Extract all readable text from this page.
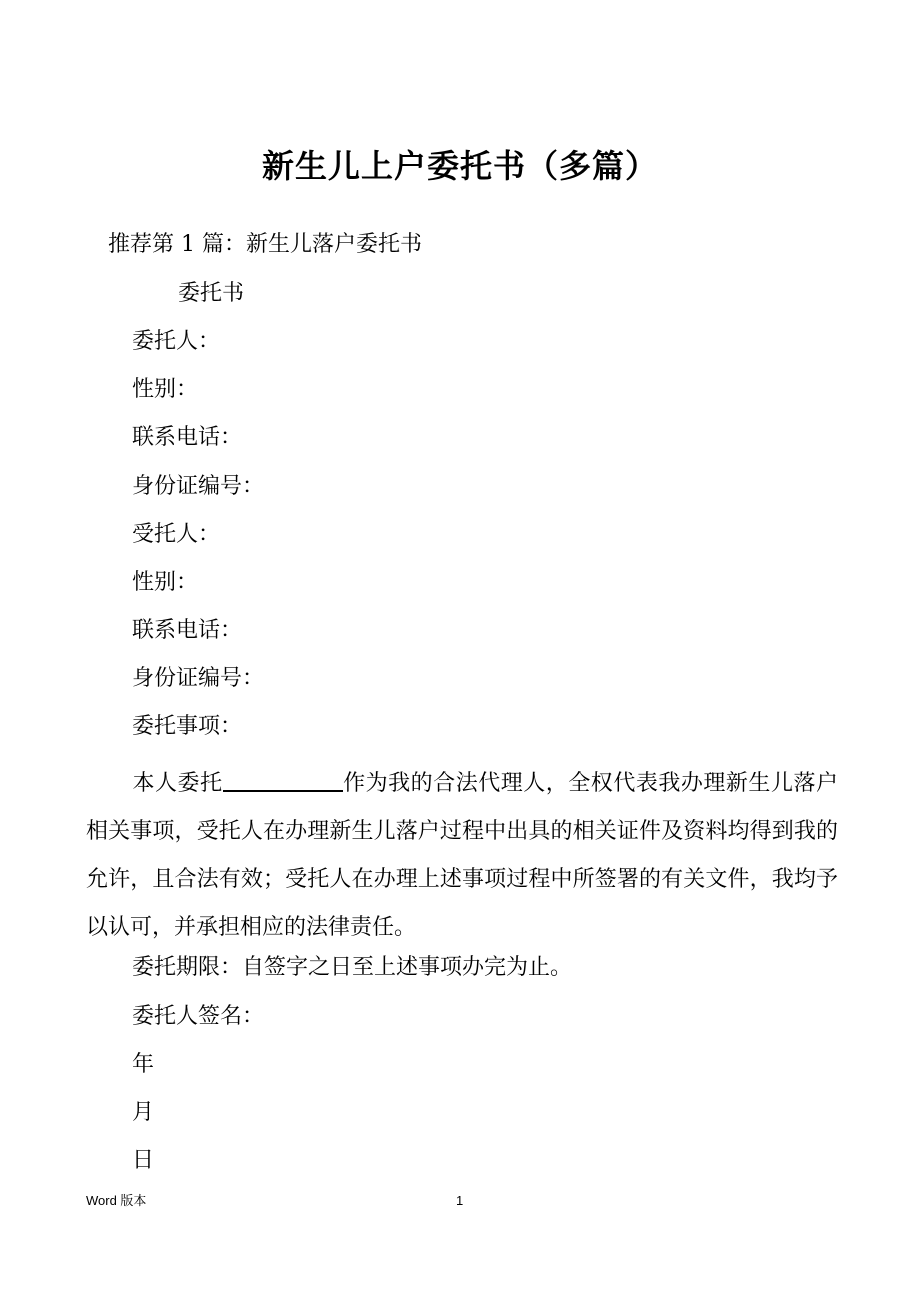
新生儿上户委托书（多篇）
推荐第 1 篇：新生儿落户委托书
委托书
委托人：
性别：
联系电话：
身份证编号：
受托人：
性别：
联系电话：
身份证编号：
委托事项：
本人委托	作为我的合法代理人，全权代表我办理新生儿落户相关事项，受托人在办理新生儿落户过程中出具的相关证件及资料均得到我的允许，且合法有效；受托人在办理上述事项过程中所签署的有关文件，我均予以认可，并承担相应的法律责任。
委托期限：自签字之日至上述事项办完为止。
委托人签名：
年
月
日
Word 版本	1
